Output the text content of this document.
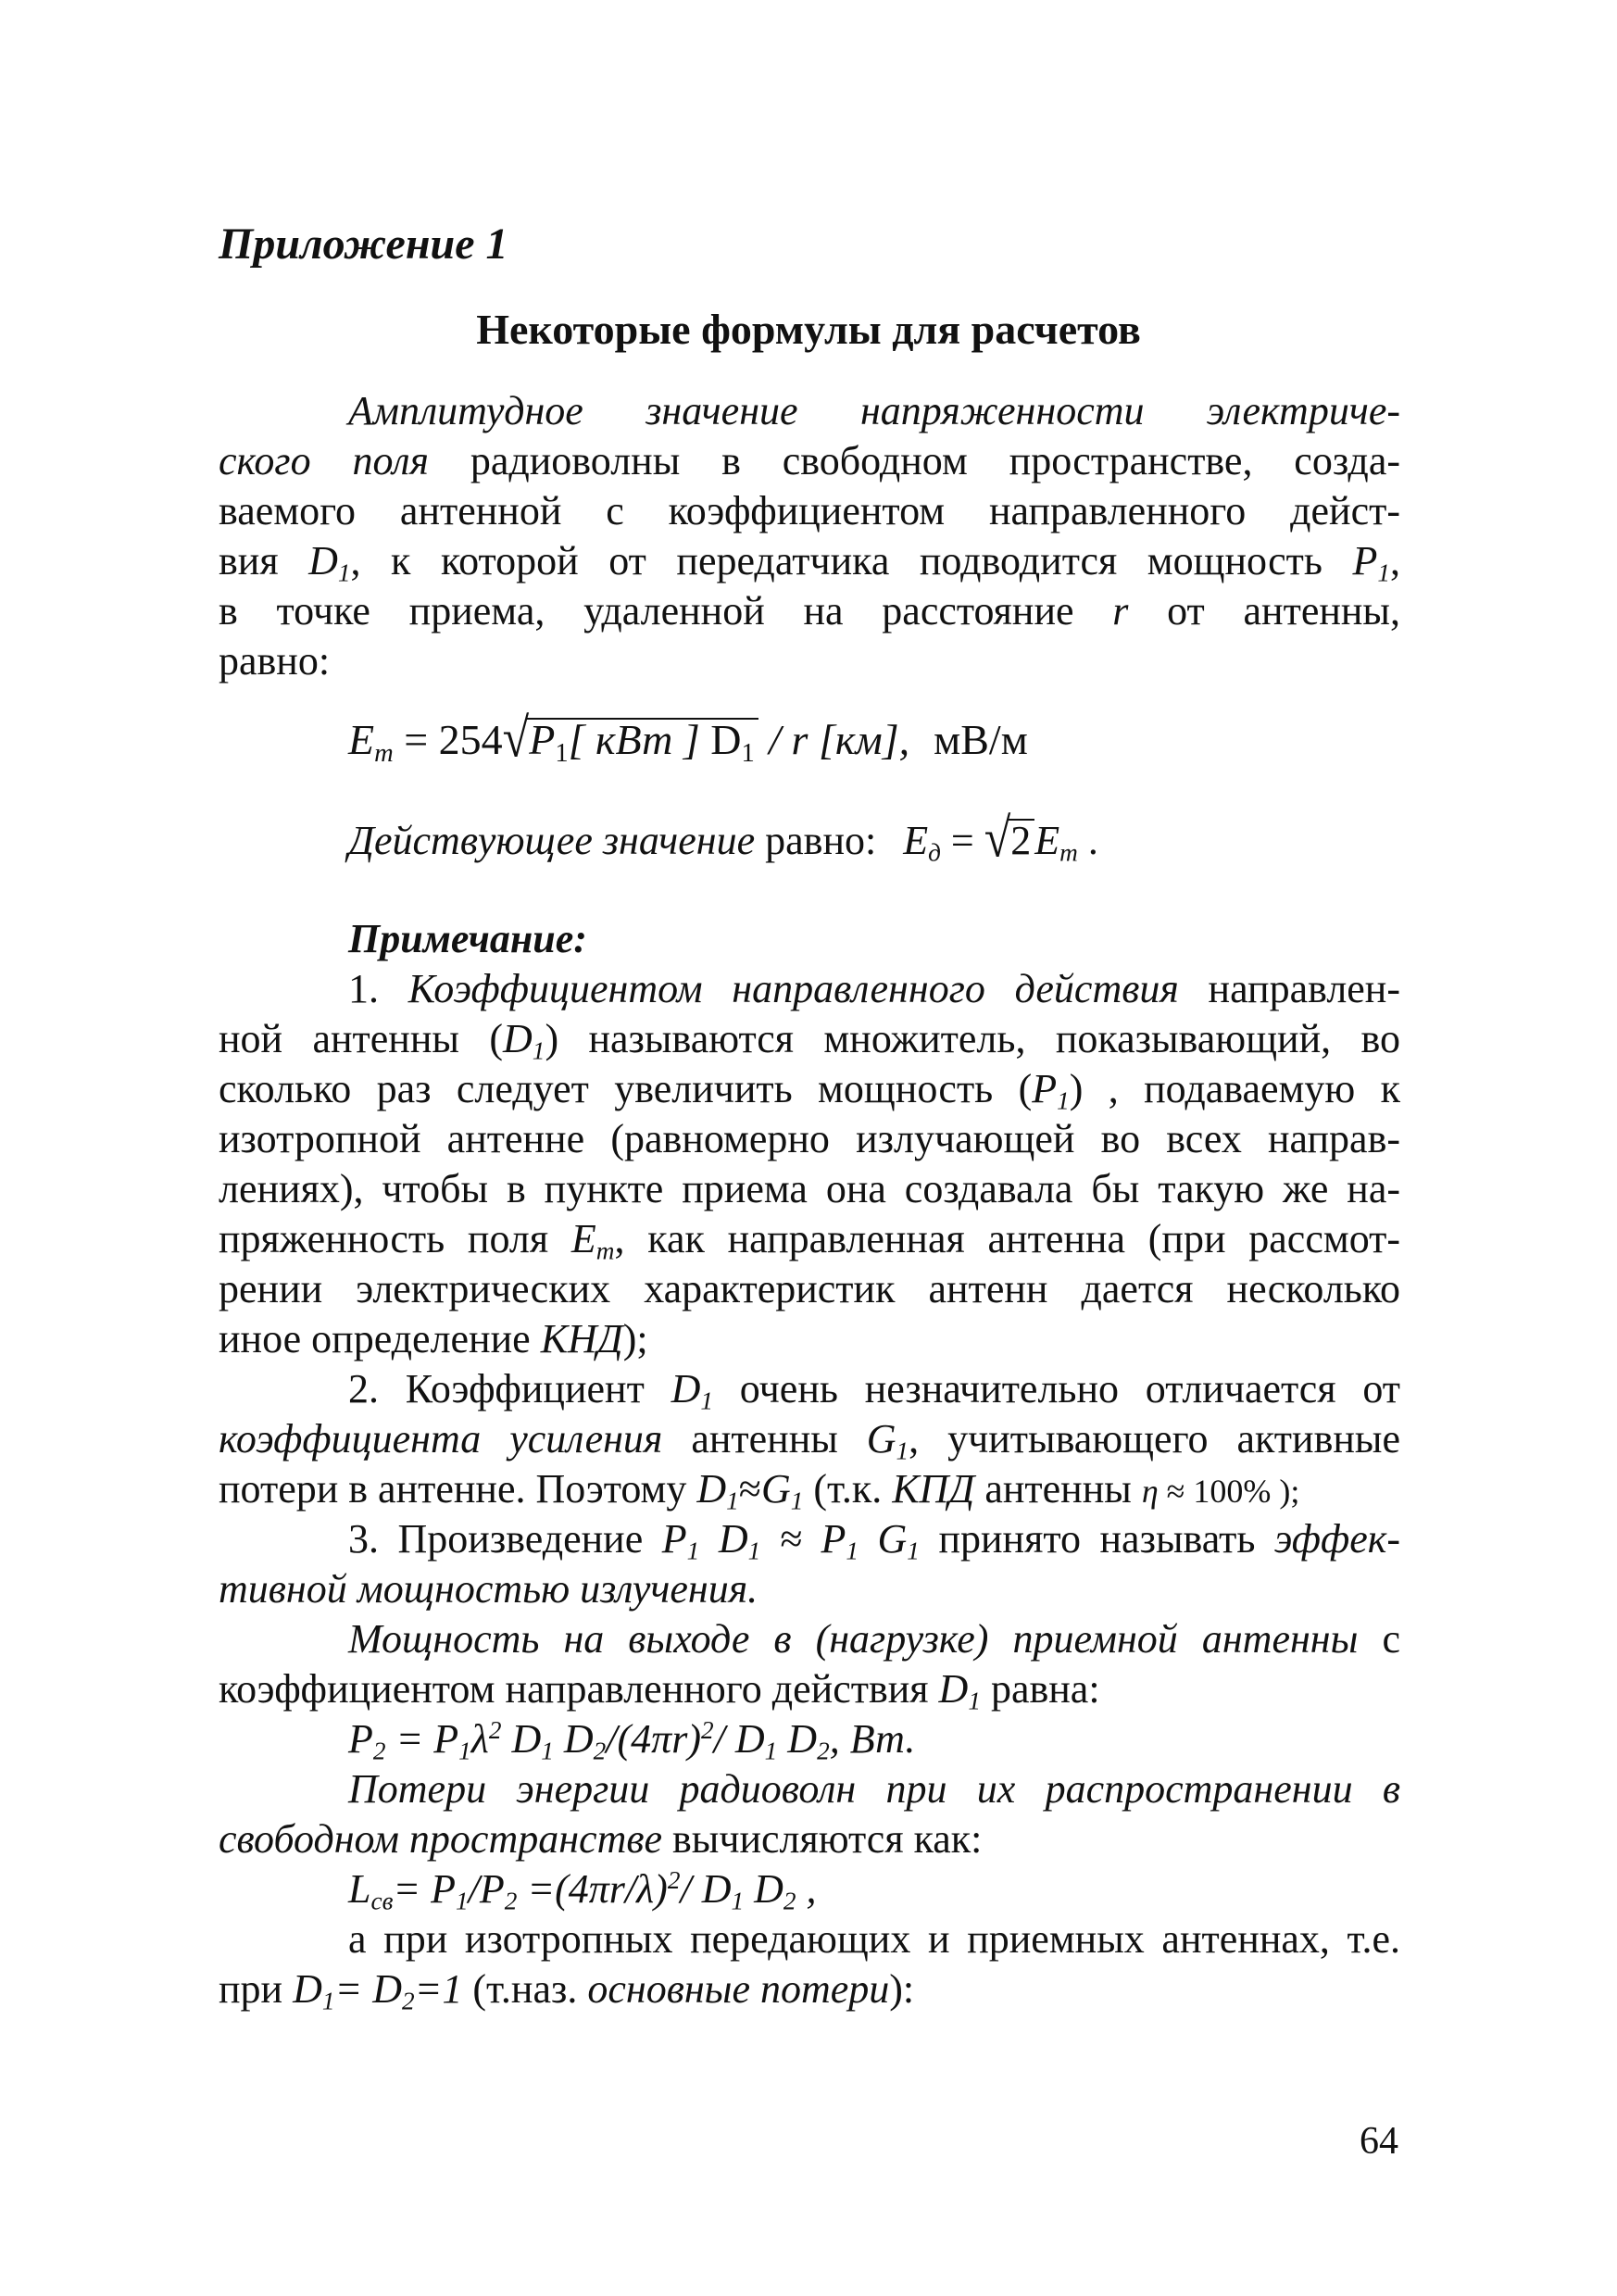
Приложение 1
Некоторые формулы для расчетов
Амплитудное значение напряженности электриче-
ского поля радиоволны в свободном пространстве, созда-
ваемого антенной с коэффициентом направленного дейст-
вия $D_1$, к которой от передатчика подводится мощность $P_1$,
в точке приема, удаленной на расстояние r от антенны,
равно:
$E_m = 254√P_1$[ кВт ] $D_1$ / r [км], мВ/м
Действующее значение равно: $E_д = √2E_m$ .
Примечание:
1. Коэффициентом направленного действия направлен-
ной антенны $(D_1)$ называются множитель, показывающий, во
сколько раз следует увеличить мощность $(P_1)$ , подаваемую к
изотропной антенне (равномерно излучающей во всех направ-
лениях), чтобы в пункте приема она создавала бы такую же на-
пряженность поля $E_m$, как направленная антенна (при рассмот-
рении электрических характеристик антенн дается несколько
иное определение КНД);
2. Коэффициент $D_1$ очень незначительно отличается от
коэффициента усиления антенны $G_1$, учитывающего активные
потери в антенне. Поэтому $D_1\approx G_1$ (т.к. КПД антенны η ≈ 100% );
3. Произведение $P_1$ $D_1 \approx P_1$ $G_1$ принято называть эффек-
тивной мощностью излучения.
Мощность на выходе в (нагрузке) приемной антенны с
коэффициентом направленного действия $D_1$ равна:
$P_2 = P_1\lambda^2$ $D_1$ $D_2/(4\pi r)^2/$ $D_1$ $D_2$, Вт.
Потери энергии радиоволн при их распространении в
свободном пространстве вычисляются как:
$L_{св}= P_1/P_2 =(4\pi r/\lambda)^2/$ $D_1$ $D_2$ ,
а при изотропных передающих и приемных антеннах, т.е.
при $D_1= D_2=1$ (т.наз. основные потери):
64
